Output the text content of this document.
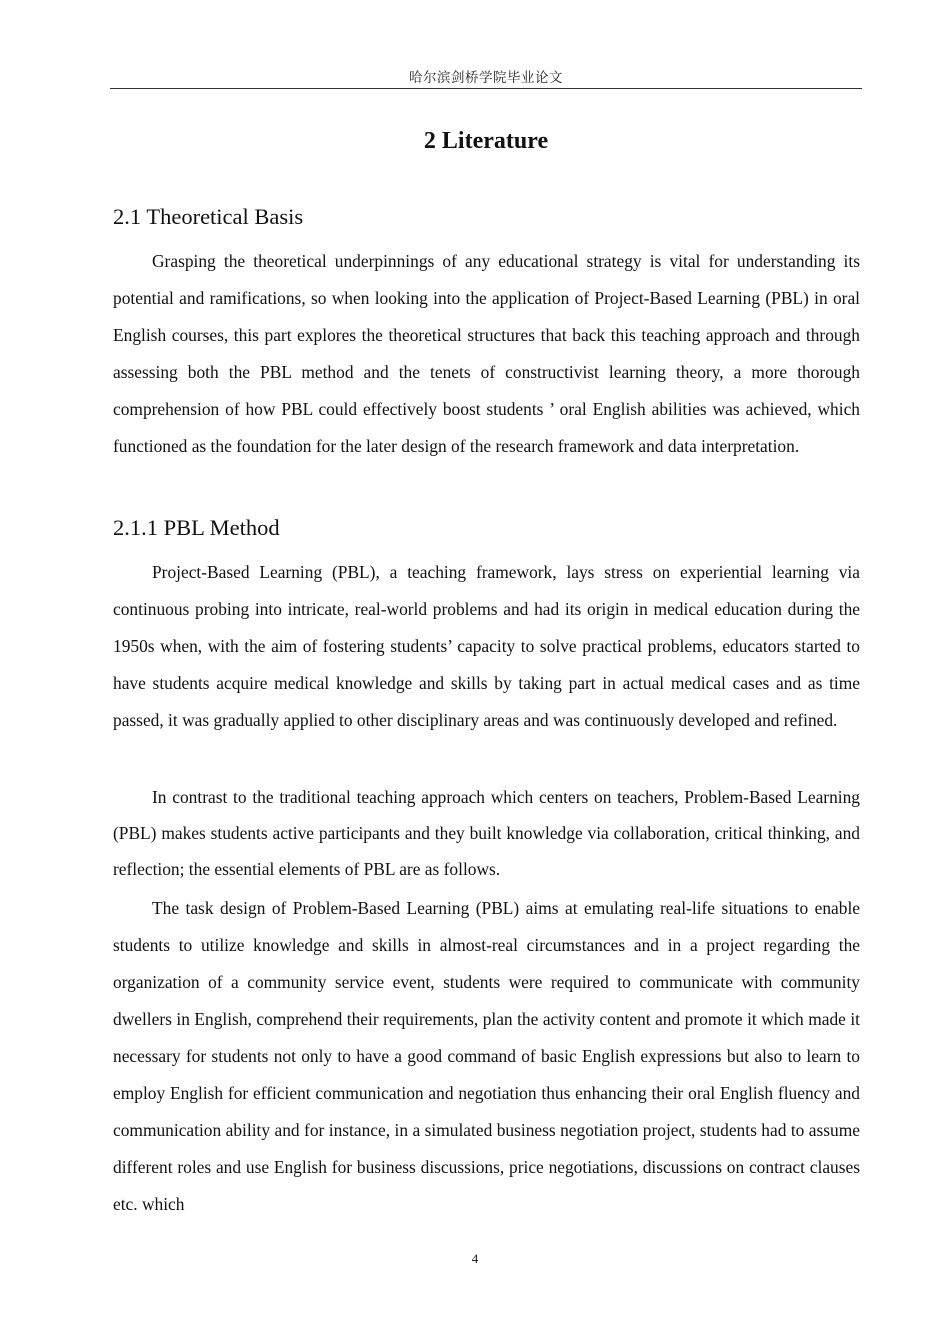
哈尔滨剑桥学院毕业论文
2 Literature
2.1 Theoretical Basis

Grasping the theoretical underpinnings of any educational strategy is vital for understanding its potential and ramifications, so when looking into the application of Project-Based Learning (PBL) in oral English courses, this part explores the theoretical structures that back this teaching approach and through assessing both the PBL method and the tenets of constructivist learning theory, a more thorough comprehension of how PBL could effectively boost students ’ oral English abilities was achieved, which functioned as the foundation for the later design of the research framework and data interpretation.

2.1.1 PBL Method

Project-Based Learning (PBL), a teaching framework, lays stress on experiential learning via continuous probing into intricate, real-world problems and had its origin in medical education during the 1950s when, with the aim of fostering students’ capacity to solve practical problems, educators started to have students acquire medical knowledge and skills by taking part in actual medical cases and as time passed, it was gradually applied to other disciplinary areas and was continuously developed and refined.

In contrast to the traditional teaching approach which centers on teachers, Problem-Based Learning (PBL) makes students active participants and they built knowledge via collaboration, critical thinking, and reflection; the essential elements of PBL are as follows.

The task design of Problem-Based Learning (PBL) aims at emulating real-life situations to enable students to utilize knowledge and skills in almost-real circumstances and in a project regarding the organization of a community service event, students were required to communicate with community dwellers in English, comprehend their requirements, plan the activity content and promote it which made it necessary for students not only to have a good command of basic English expressions but also to learn to employ English for efficient communication and negotiation thus enhancing their oral English fluency and communication ability and for instance, in a simulated business negotiation project, students had to assume different roles and use English for business discussions, price negotiations, discussions on contract clauses etc. which

4
